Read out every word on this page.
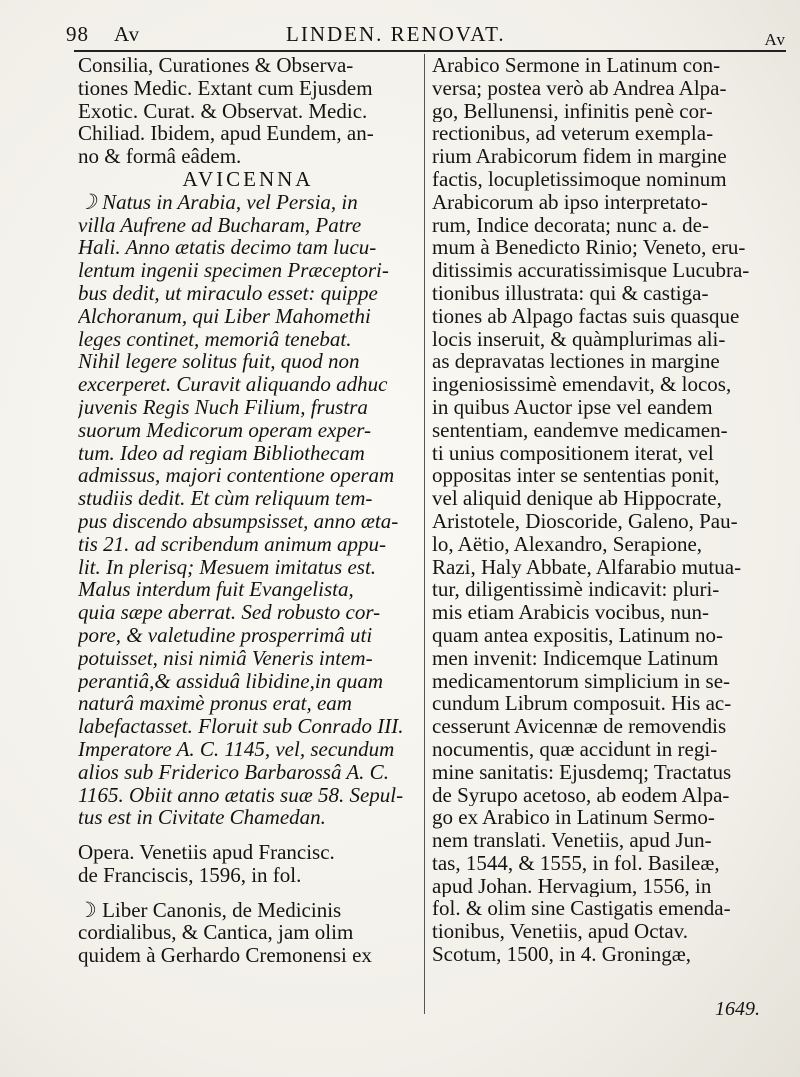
98 Av	LINDEN. RENOVAT.	Av
Consilia, Curationes & Observa-
tiones Medic. Extant cum Ejusdem
Exotic. Curat. & Observat. Medic.
Chiliad. Ibidem, apud Eundem, an-
no & formâ eâdem.
AVICENNA
☽ Natus in Arabia, vel Persia, in
villa Aufrene ad Bucharam, Patre
Hali. Anno ætatis decimo tam lucu-
lentum ingenii specimen Præceptori-
bus dedit, ut miraculo esset: quippe
Alchoranum, qui Liber Mahomethi
leges continet, memoriâ tenebat.
Nihil legere solitus fuit, quod non
excerperet. Curavit aliquando adhuc
juvenis Regis Nuch Filium, frustra
suorum Medicorum operam exper-
tum. Ideo ad regiam Bibliothecam
admissus, majori contentione operam
studiis dedit. Et cùm reliquum tem-
pus discendo absumpsisset, anno æta-
tis 21. ad scribendum animum appu-
lit. In plerisq; Mesuem imitatus est.
Malus interdum fuit Evangelista,
quia sæpe aberrat. Sed robusto cor-
pore, & valetudine prosperrimâ uti
potuisset, nisi nimiâ Veneris intem-
perantiâ,& assiduâ libidine,in quam
naturâ maximè pronus erat, eam
labefactasset. Floruit sub Conrado III.
Imperatore A. C. 1145, vel, secundum
alios sub Friderico Barbarossâ A. C.
1165. Obiit anno ætatis suæ 58. Sepul-
tus est in Civitate Chamedan.
Opera. Venetiis apud Francisc.
de Franciscis, 1596, in fol.
☽ Liber Canonis, de Medicinis
cordialibus, & Cantica, jam olim
quidem à Gerhardo Cremonensi ex
Arabico Sermone in Latinum con-
versa; postea verò ab Andrea Alpa-
go, Bellunensi, infinitis penè cor-
rectionibus, ad veterum exempla-
rium Arabicorum fidem in margine
factis, locupletissimoque nominum
Arabicorum ab ipso interpretato-
rum, Indice decorata; nunc a. de-
mum à Benedicto Rinio; Veneto, eru-
ditissimis accuratissimisque Lucubra-
tionibus illustrata: qui & castiga-
tiones ab Alpago factas suis quasque
locis inseruit, & quàmplurimas ali-
as depravatas lectiones in margine
ingeniosissimè emendavit, & locos,
in quibus Auctor ipse vel eandem
sententiam, eandemve medicamen-
ti unius compositionem iterat, vel
oppositas inter se sententias ponit,
vel aliquid denique ab Hippocrate,
Aristotele, Dioscoride, Galeno, Pau-
lo, Aëtio, Alexandro, Serapione,
Razi, Haly Abbate, Alfarabio mutua-
tur, diligentissimè indicavit: pluri-
mis etiam Arabicis vocibus, nun-
quam antea expositis, Latinum no-
men invenit: Indicemque Latinum
medicamentorum simplicium in se-
cundum Librum composuit. His ac-
cesserunt Avicennæ de removendis
nocumentis, quæ accidunt in regi-
mine sanitatis: Ejusdemq; Tractatus
de Syrupo acetoso, ab eodem Alpa-
go ex Arabico in Latinum Sermo-
nem translati. Venetiis, apud Jun-
tas, 1544, & 1555, in fol. Basileæ,
apud Johan. Hervagium, 1556, in
fol. & olim sine Castigatis emenda-
tionibus, Venetiis, apud Octav.
Scotum, 1500, in 4. Groningæ,
1649.
